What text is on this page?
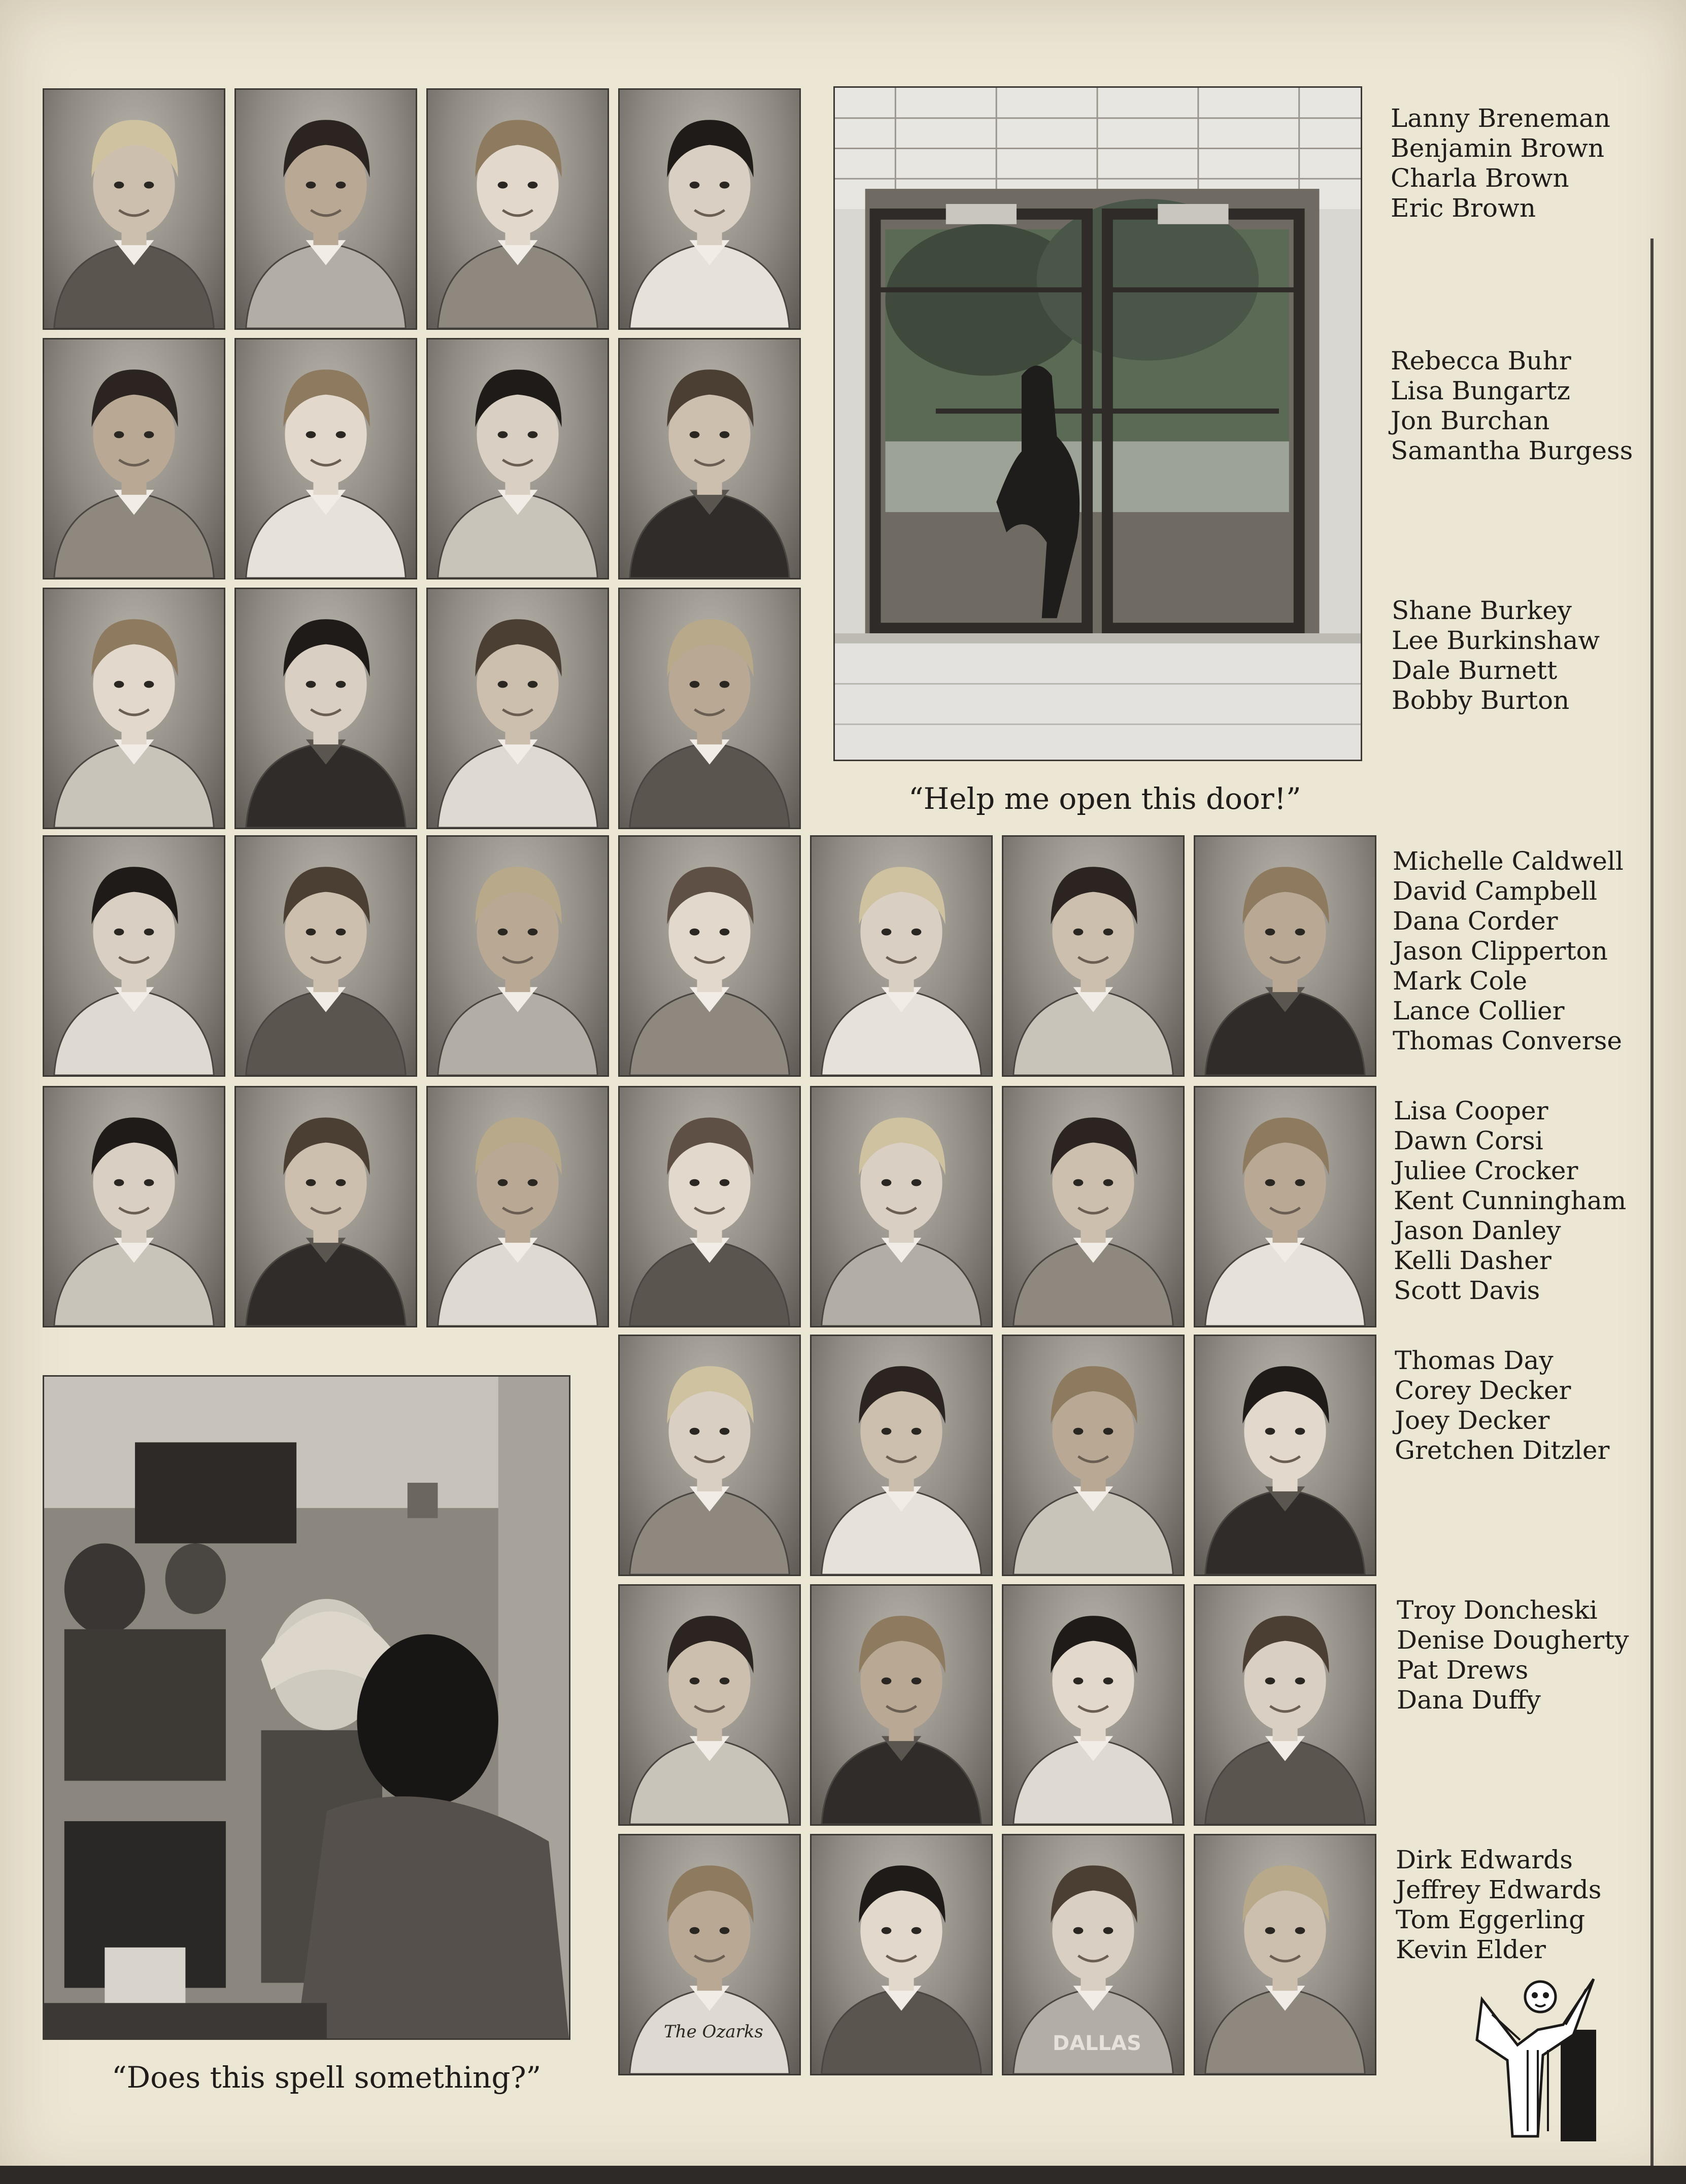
The Ozarks	DALLAS
“Help me open this door!”
“Does this spell something?”
Lanny Breneman
Benjamin Brown
Charla Brown
Eric Brown
Rebecca Buhr
Lisa Bungartz
Jon Burchan
Samantha Burgess
Shane Burkey
Lee Burkinshaw
Dale Burnett
Bobby Burton
Michelle Caldwell
David Campbell
Dana Corder
Jason Clipperton
Mark Cole
Lance Collier
Thomas Converse
Lisa Cooper
Dawn Corsi
Juliee Crocker
Kent Cunningham
Jason Danley
Kelli Dasher
Scott Davis
Thomas Day
Corey Decker
Joey Decker
Gretchen Ditzler
Troy Doncheski
Denise Dougherty
Pat Drews
Dana Duffy
Dirk Edwards
Jeffrey Edwards
Tom Eggerling
Kevin Elder
